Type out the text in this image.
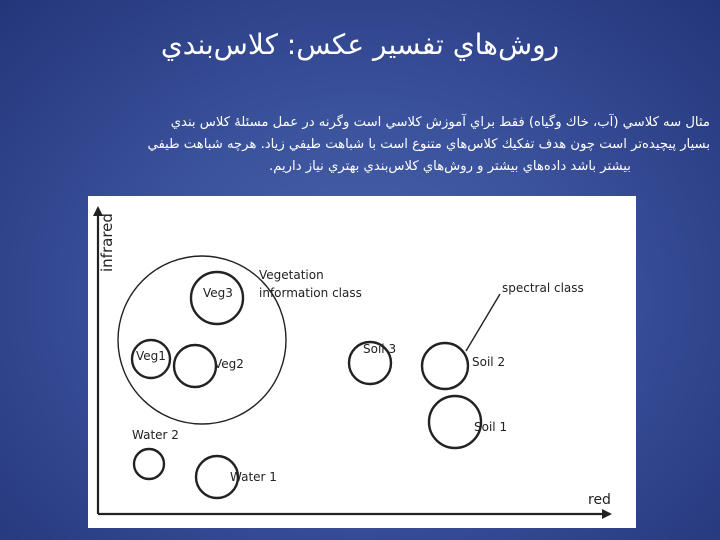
روش‌هاي تفسير عكس: كلاس‌بندي
مثال سه كلاسي (آب، خاك وگياه) فقط براي آموزش كلاسي است وگرنه در عمل مسئلۀ كلاس بندي
بسيار پيچيده‌تر است چون هدف تفكيك كلاس‌هاي متنوع است با شباهت طيفي زياد. هرچه شباهت طيفي
بيشتر باشد داده‌هاي بيشتر و روش‌هاي كلاس‌بندي بهتري نياز داريم.
infrared
red
Veg3
Veg1
Veg2
Vegetation
information class
Soil 3
Soil 2
Soil 1
spectral class
Water 2
Water 1
